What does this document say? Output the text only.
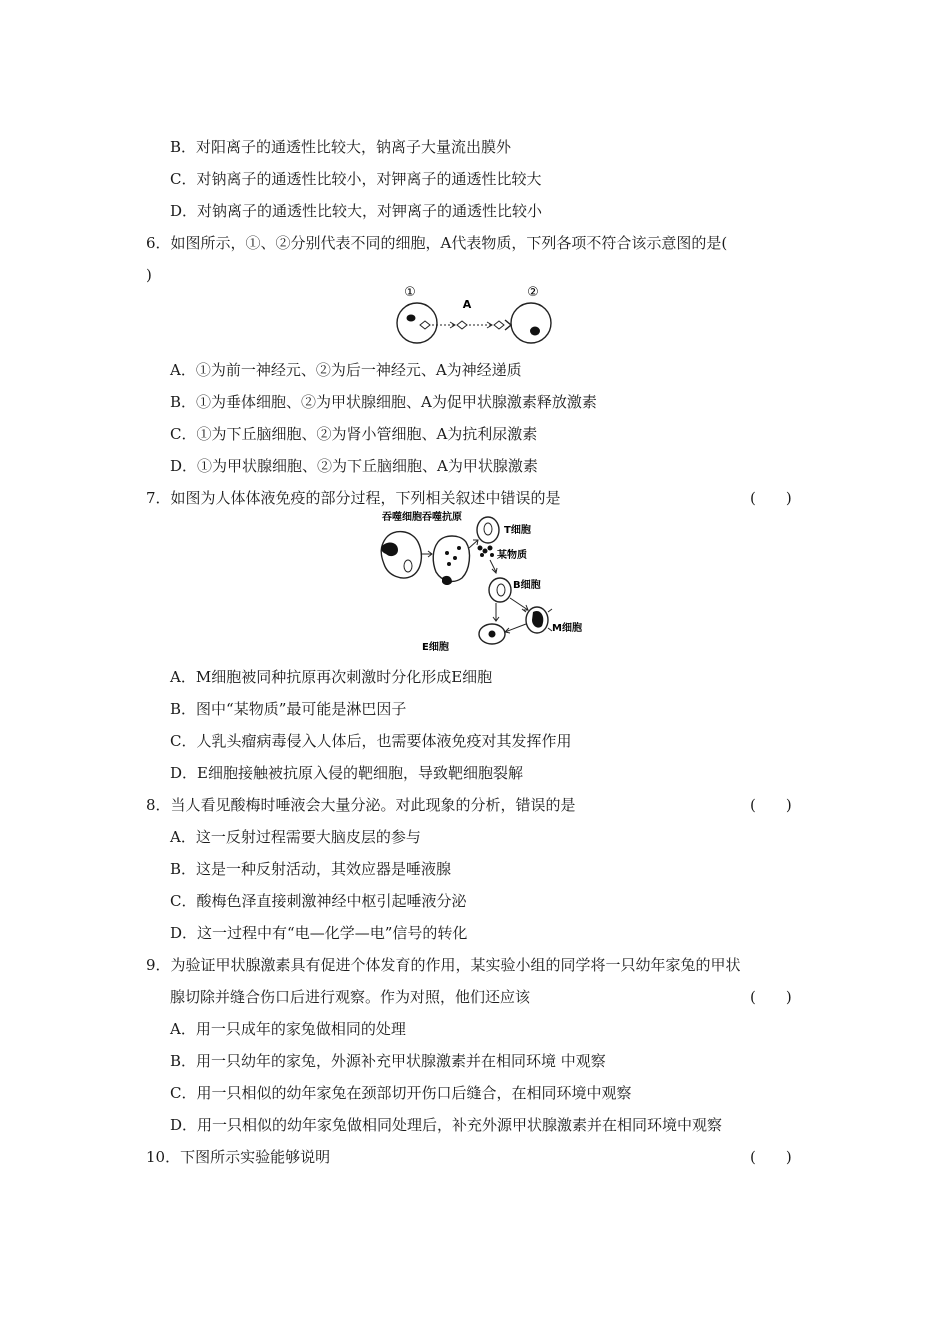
B．对阳离子的通透性比较大，钠离子大量流出膜外
C．对钠离子的通透性比较小，对钾离子的通透性比较大
D．对钠离子的通透性比较大，对钾离子的通透性比较小
6．如图所示，①、②分别代表不同的细胞，A代表物质，下列各项不符合该示意图的是(
)
①
A
②
A．①为前一神经元、②为后一神经元、A为神经递质
B．①为垂体细胞、②为甲状腺细胞、A为促甲状腺激素释放激素
C．①为下丘脑细胞、②为肾小管细胞、A为抗利尿激素
D．①为甲状腺细胞、②为下丘脑细胞、A为甲状腺激素
7．如图为人体体液免疫的部分过程，下列相关叙述中错误的是	(　　)
吞噬细胞吞噬抗原
T细胞
某物质
B细胞
M细胞
E细胞
A．M细胞被同种抗原再次刺激时分化形成E细胞
B．图中“某物质”最可能是淋巴因子
C．人乳头瘤病毒侵入人体后，也需要体液免疫对其发挥作用
D．E细胞接触被抗原入侵的靶细胞，导致靶细胞裂解
8．当人看见酸梅时唾液会大量分泌。对此现象的分析，错误的是	(　　)
A．这一反射过程需要大脑皮层的参与
B．这是一种反射活动，其效应器是唾液腺
C．酸梅色泽直接刺激神经中枢引起唾液分泌
D．这一过程中有“电—化学—电”信号的转化
9．为验证甲状腺激素具有促进个体发育的作用，某实验小组的同学将一只幼年家兔的甲状
腺切除并缝合伤口后进行观察。作为对照，他们还应该	(　　)
A．用一只成年的家兔做相同的处理
B．用一只幼年的家兔，外源补充甲状腺激素并在相同环境 中观察
C．用一只相似的幼年家兔在颈部切开伤口后缝合，在相同环境中观察
D．用一只相似的幼年家兔做相同处理后，补充外源甲状腺激素并在相同环境中观察
10．下图所示实验能够说明	(　　)
